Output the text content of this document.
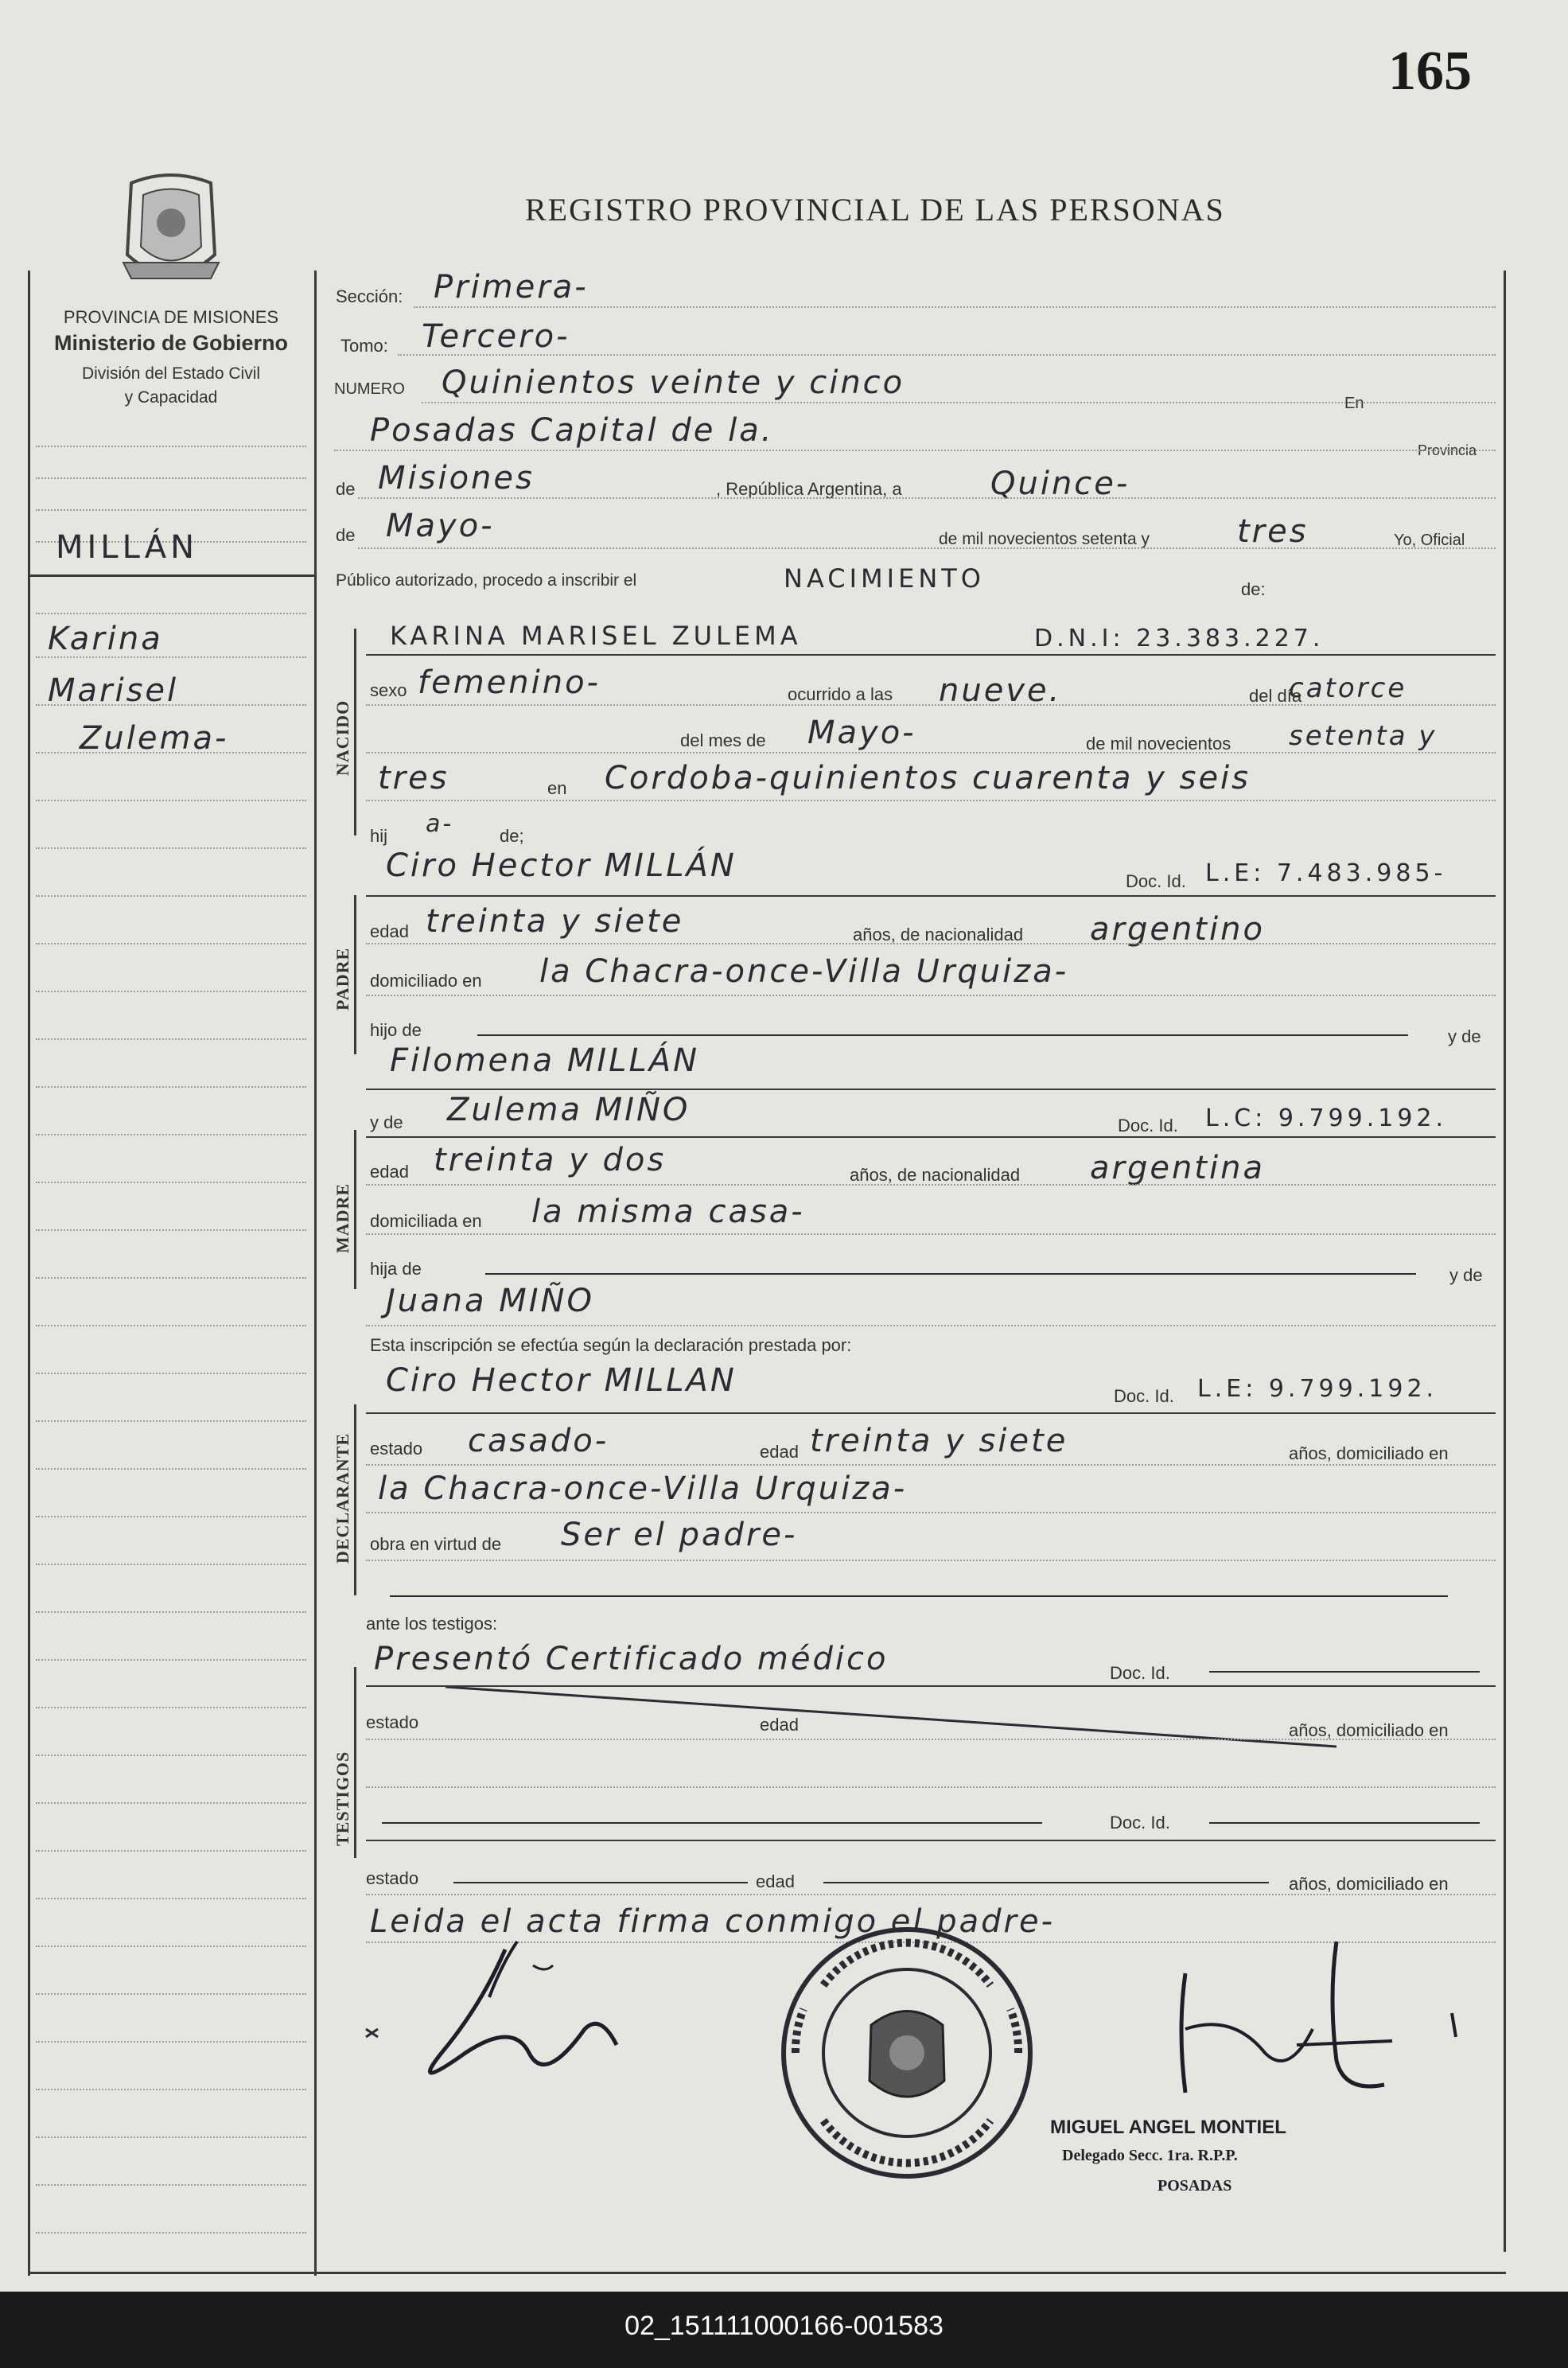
165
REGISTRO PROVINCIAL DE LAS PERSONAS
PROVINCIA DE MISIONES
Ministerio de Gobierno
División del Estado Civil
y Capacidad
MILLÁN
Karina
Marisel
Zulema-
Sección: Primera-
Tomo: Tercero-
NUMERO Quinientos veinte y cinco
En
Posadas Capital de la.
Provincia
de Misiones	, República Argentina, a	Quince-
de Mayo-	de mil novecientos setenta y	tres	Yo, Oficial
Público autorizado, procedo a inscribir el	NACIMIENTO	de:
NACIDO
KARINA MARISEL ZULEMA	D.N.I: 23.383.227.
sexo femenino-	ocurrido a las nueve.	del día
catorce
del mes de Mayo-	de mil novecientos setenta y
tres	en Cordoba-quinientos cuarenta y seis
hij a-	de;
PADRE
Ciro Hector MILLÁN	Doc. Id. L.E: 7.483.985-
edad treinta y siete	años, de nacionalidad argentino
domiciliado en la Chacra-once-Villa Urquiza-
hijo de	y de
Filomena MILLÁN
MADRE
y de Zulema MIÑO	Doc. Id. L.C: 9.799.192.
edad treinta y dos	años, de nacionalidad argentina
domiciliada en la misma casa-
hija de	y de
Juana MIÑO
Esta inscripción se efectúa según la declaración prestada por:
DECLARANTE
Ciro Hector MILLAN	Doc. Id. L.E: 9.799.192.
estado casado-	edad treinta y siete	años, domiciliado en
la Chacra-once-Villa Urquiza-
obra en virtud de Ser el padre-
ante los testigos:
TESTIGOS
Presentó Certificado médico	Doc. Id.
estado	edad	años, domiciliado en
Doc. Id.
estado	edad	años, domiciliado en
Leida el acta firma conmigo el padre-
MIGUEL ANGEL MONTIEL
Delegado Secc. 1ra. R.P.P.
POSADAS
02_151111000166-001583
